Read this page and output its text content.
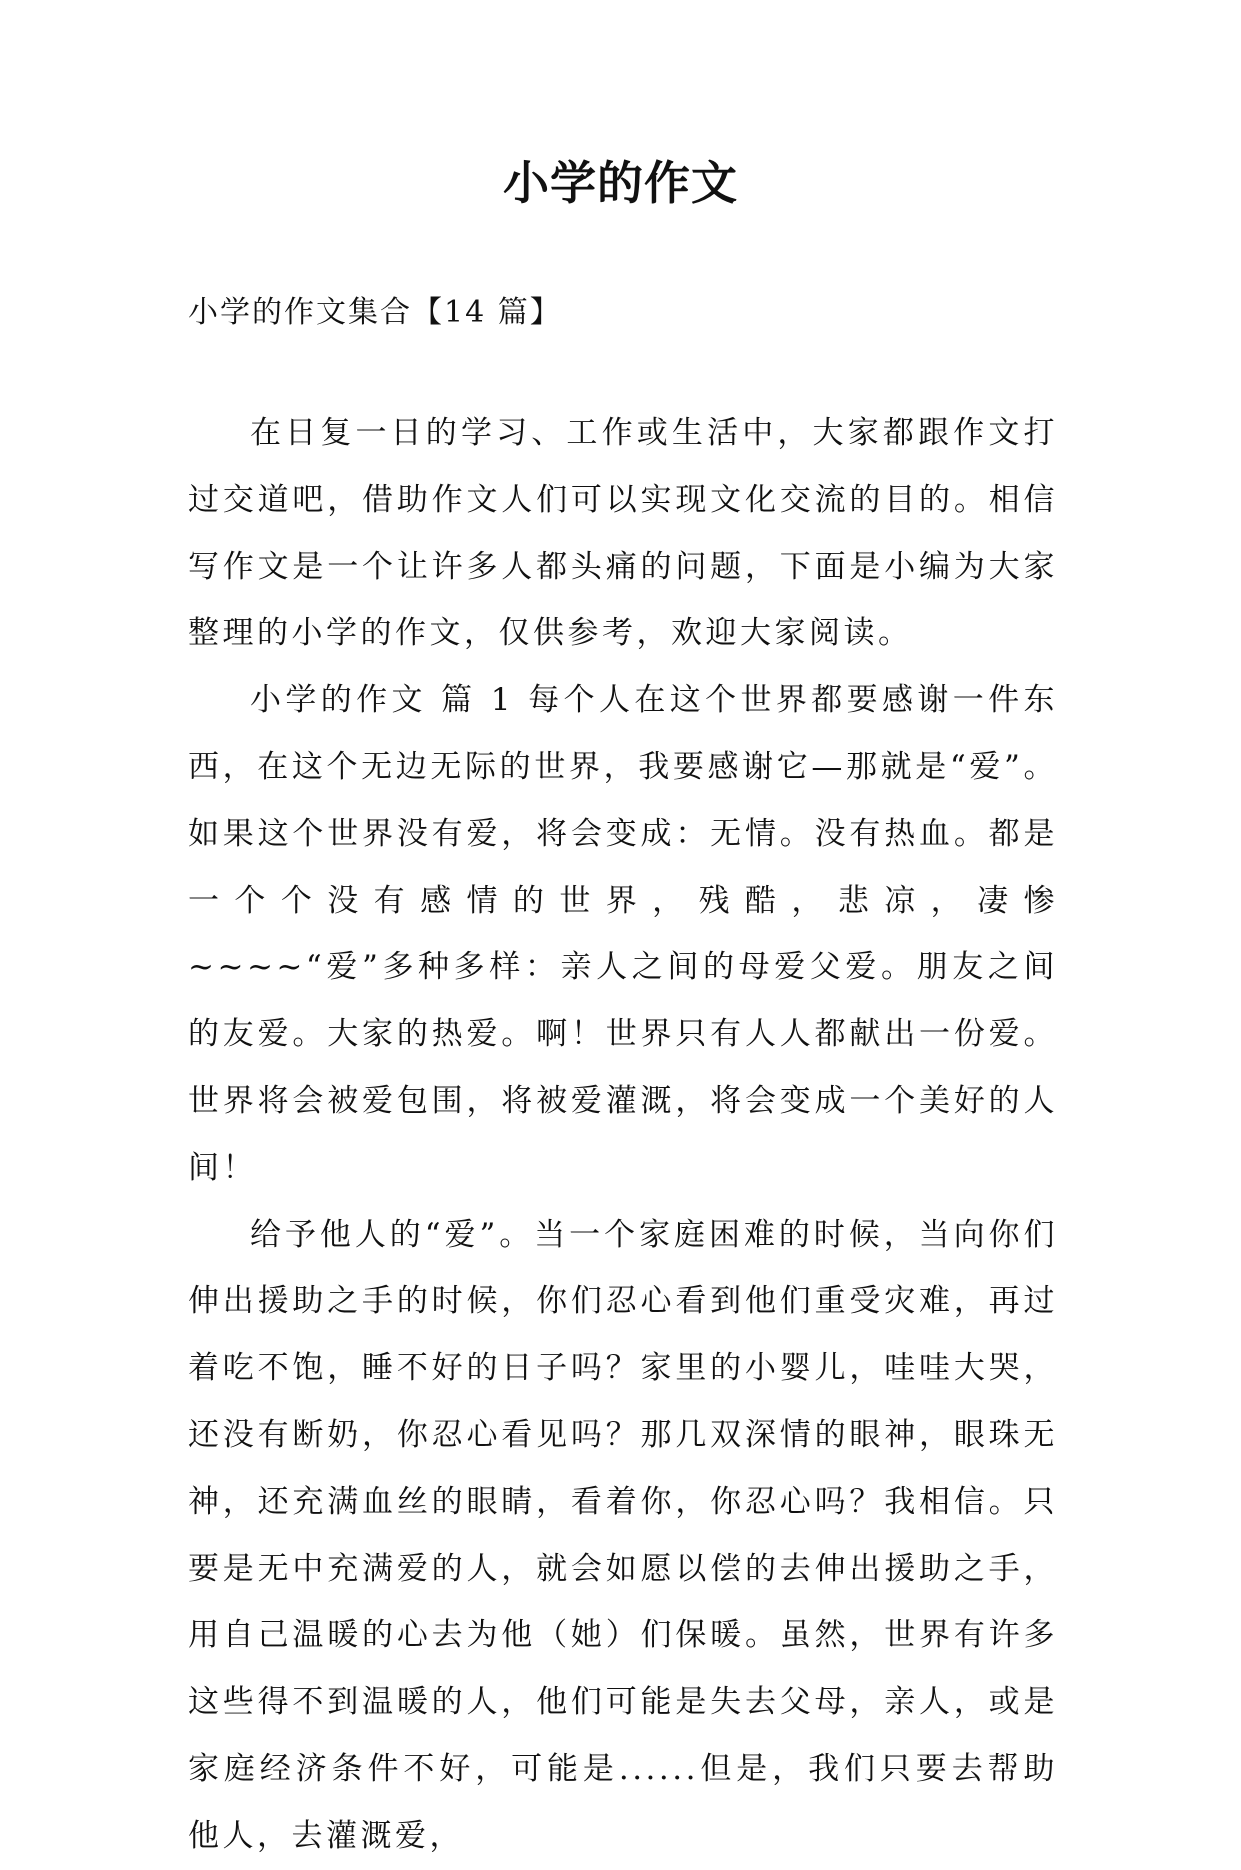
小学的作文
小学的作文集合【14 篇】

在日复一日的学习、工作或生活中，大家都跟作文打过交道吧，借助作文人们可以实现文化交流的目的。相信写作文是一个让许多人都头痛的问题，下面是小编为大家整理的小学的作文，仅供参考，欢迎大家阅读。

小学的作文 篇 1 每个人在这个世界都要感谢一件东西，在这个无边无际的世界，我要感谢它—那就是“爱”。如果这个世界没有爱，将会变成：无情。没有热血。都是一个个没有感情的世界，残酷，悲凉，凄惨~~~~“爱”多种多样：亲人之间的母爱父爱。朋友之间的友爱。大家的热爱。啊！世界只有人人都献出一份爱。世界将会被爱包围，将被爱灌溉，将会变成一个美好的人间！

给予他人的“爱”。当一个家庭困难的时候，当向你们伸出援助之手的时候，你们忍心看到他们重受灾难，再过着吃不饱，睡不好的日子吗？家里的小婴儿，哇哇大哭，还没有断奶，你忍心看见吗？那几双深情的眼神，眼珠无神，还充满血丝的眼睛，看着你，你忍心吗？我相信。只要是无中充满爱的人，就会如愿以偿的去伸出援助之手，用自己温暖的心去为他（她）们保暖。虽然，世界有许多这些得不到温暖的人，他们可能是失去父母，亲人，或是家庭经济条件不好，可能是......但是，我们只要去帮助他人，去灌溉爱，
